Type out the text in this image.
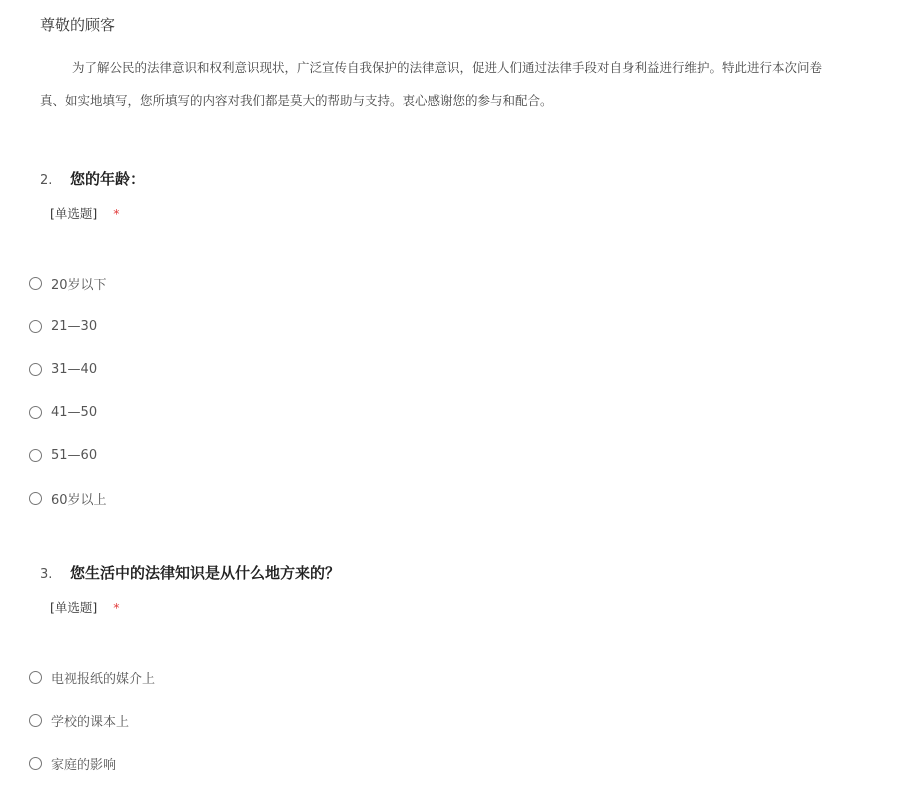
尊敬的顾客
为了解公民的法律意识和权利意识现状，广泛宣传自我保护的法律意识，促进人们通过法律手段对自身利益进行维护。特此进行本次问卷
真、如实地填写，您所填写的内容对我们都是莫大的帮助与支持。衷心感谢您的参与和配合。
2.	您的年龄：
[单选题] *
20岁以下
21—30
31—40
41—50
51—60
60岁以上
3.	您生活中的法律知识是从什么地方来的？
[单选题] *
电视报纸的媒介上
学校的课本上
家庭的影响
